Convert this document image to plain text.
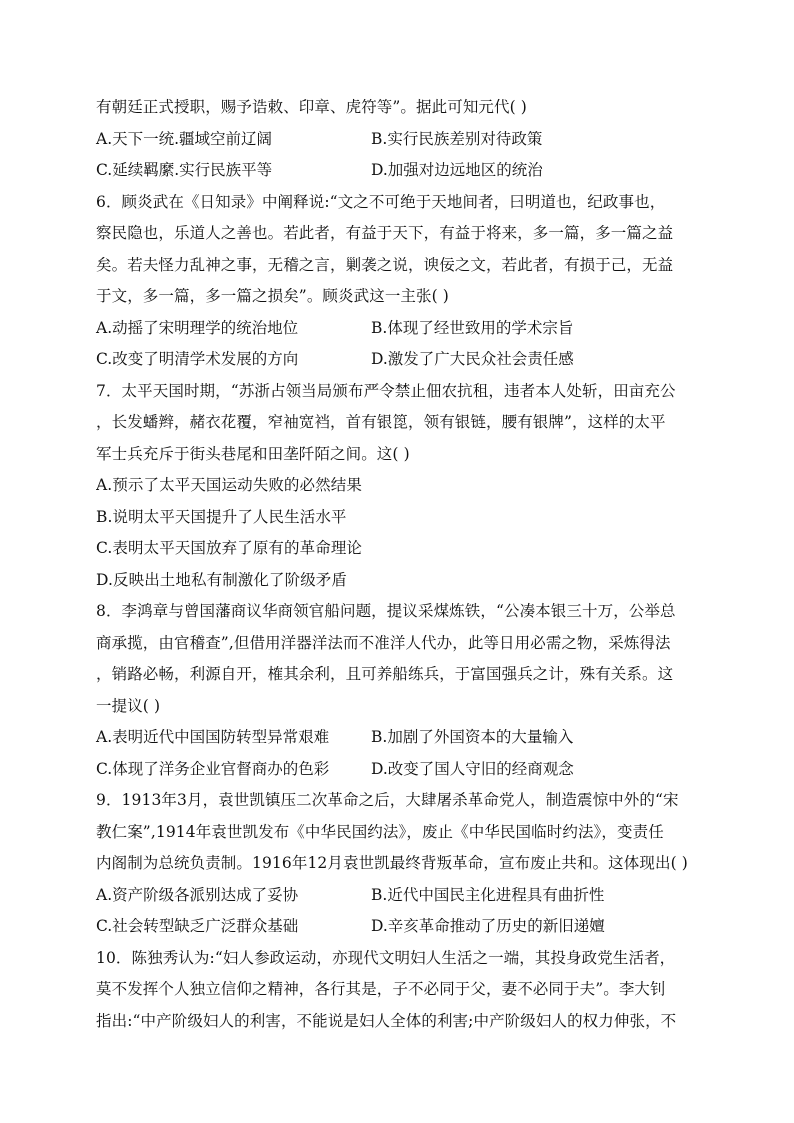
有朝廷正式授职，赐予诰敕、印章、虎符等”。据此可知元代( )
A.天下一统.疆域空前辽阔	B.实行民族差别对待政策
C.延续羁縻.实行民族平等	D.加强对边远地区的统治
6．顾炎武在《日知录》中阐释说:“文之不可绝于天地间者，曰明道也，纪政事也，
察民隐也，乐道人之善也。若此者，有益于天下，有益于将来，多一篇，多一篇之益
矣。若夫怪力乱神之事，无稽之言，剿袭之说，谀佞之文，若此者，有损于己，无益
于文，多一篇，多一篇之损矣”。顾炎武这一主张( )
A.动摇了宋明理学的统治地位	B.体现了经世致用的学术宗旨
C.改变了明清学术发展的方向	D.激发了广大民众社会责任感
7．太平天国时期，“苏浙占领当局颁布严令禁止佃农抗租，违者本人处斩，田亩充公
，长发蟠辫，赭衣花覆，窄袖宽裆，首有银箆，领有银链，腰有银牌”，这样的太平
军士兵充斥于街头巷尾和田垄阡陌之间。这( )
A.预示了太平天国运动失败的必然结果
B.说明太平天国提升了人民生活水平
C.表明太平天国放弃了原有的革命理论
D.反映出土地私有制激化了阶级矛盾
8．李鸿章与曾国藩商议华商领官船问题，提议采煤炼铁，“公凑本银三十万，公举总
商承揽，由官稽查”,但借用洋器洋法而不准洋人代办，此等日用必需之物，采炼得法
，销路必畅，利源自开，榷其余利，且可养船练兵，于富国强兵之计，殊有关系。这
一提议( )
A.表明近代中国国防转型异常艰难	B.加剧了外国资本的大量输入
C.体现了洋务企业官督商办的色彩	D.改变了国人守旧的经商观念
9．1913年3月，袁世凯镇压二次革命之后，大肆屠杀革命党人，制造震惊中外的“宋
教仁案”,1914年袁世凯发布《中华民国约法》，废止《中华民国临时约法》，变责任
内阁制为总统负责制。1916年12月袁世凯最终背叛革命，宣布废止共和。这体现出( )
A.资产阶级各派别达成了妥协	B.近代中国民主化进程具有曲折性
C.社会转型缺乏广泛群众基础	D.辛亥革命推动了历史的新旧递嬗
10．陈独秀认为:“妇人参政运动，亦现代文明妇人生活之一端，其投身政党生活者，
莫不发挥个人独立信仰之精神，各行其是，子不必同于父，妻不必同于夫”。李大钊
指出:“中产阶级妇人的利害，不能说是妇人全体的利害;中产阶级妇人的权力伸张，不
